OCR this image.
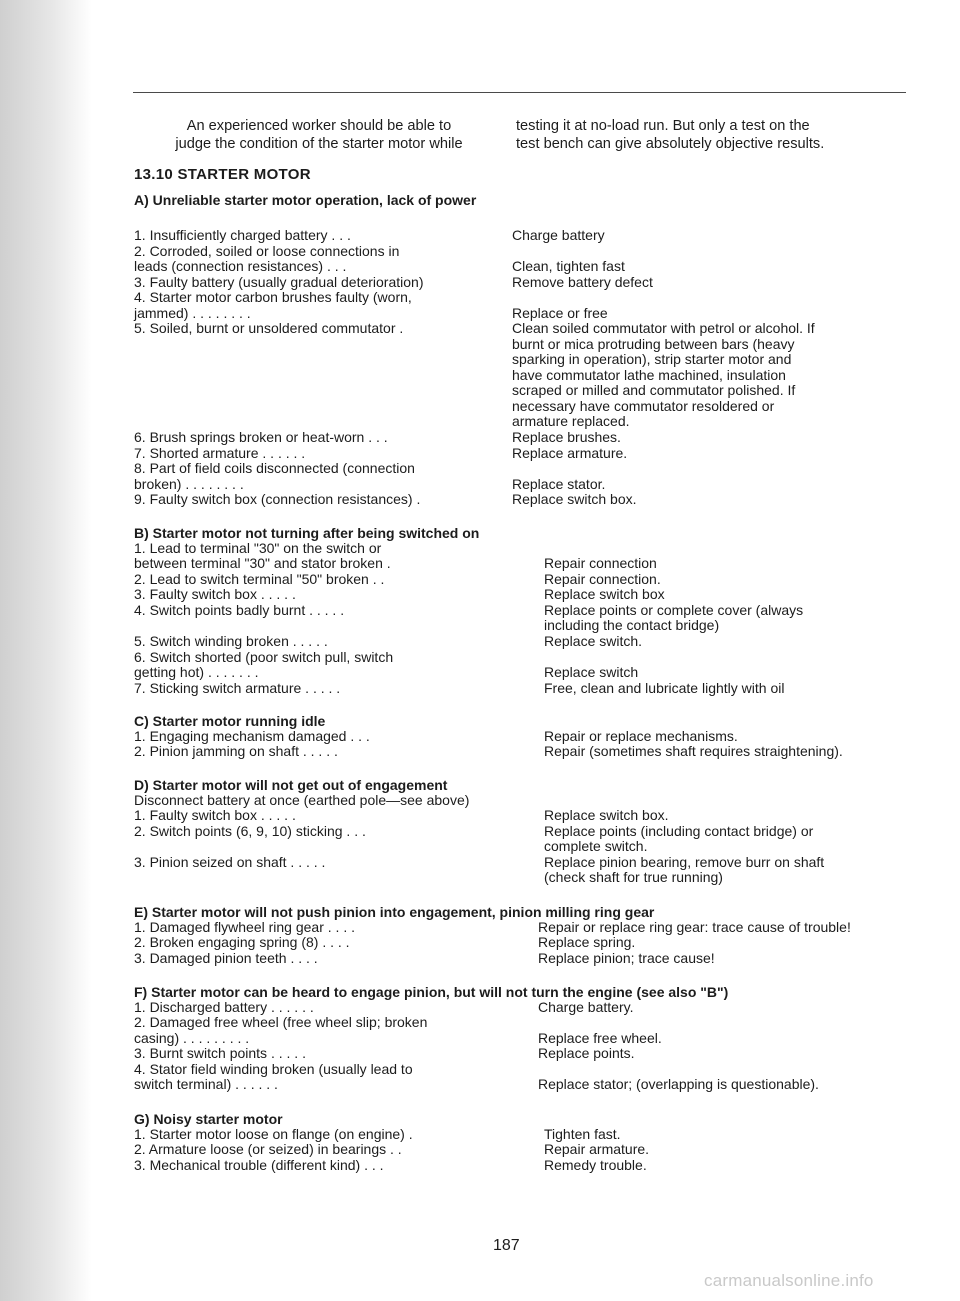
An experienced worker should be able to
judge the condition of the starter motor while
testing it at no-load run. But only a test on the
test bench can give absolutely objective results.
13.10 STARTER MOTOR
A) Unreliable starter motor operation, lack of power
1. Insufficiently charged battery . . .
2. Corroded, soiled or loose connections in
leads (connection resistances) . . .
3. Faulty battery (usually gradual deterioration)
4. Starter motor carbon brushes faulty (worn,
jammed) . . . . . . . .
5. Soiled, burnt or unsoldered commutator .
6. Brush springs broken or heat-worn . . .
7. Shorted armature . . . . . .
8. Part of field coils disconnected (connection
broken) . . . . . . . .
9. Faulty switch box (connection resistances) .
Charge battery
Clean, tighten fast
Remove battery defect
Replace or free
Clean soiled commutator with petrol or alcohol. If
burnt or mica protruding between bars (heavy
sparking in operation), strip starter motor and
have commutator lathe machined, insulation
scraped or milled and commutator polished. If
necessary have commutator resoldered or
armature replaced.
Replace brushes.
Replace armature.
Replace stator.
Replace switch box.
B) Starter motor not turning after being switched on
1. Lead to terminal "30" on the switch or
between terminal "30" and stator broken .
2. Lead to switch terminal "50" broken . .
3. Faulty switch box . . . . .
4. Switch points badly burnt . . . . .
5. Switch winding broken . . . . .
6. Switch shorted (poor switch pull, switch
getting hot) . . . . . . .
7. Sticking switch armature . . . . .
Repair connection
Repair connection.
Replace switch box
Replace points or complete cover (always
including the contact bridge)
Replace switch.
Replace switch
Free, clean and lubricate lightly with oil
C) Starter motor running idle
1. Engaging mechanism damaged . . .
2. Pinion jamming on shaft . . . . .
Repair or replace mechanisms.
Repair (sometimes shaft requires straightening).
D) Starter motor will not get out of engagement
Disconnect battery at once (earthed pole—see above)
1. Faulty switch box . . . . .
2. Switch points (6, 9, 10) sticking . . .
3. Pinion seized on shaft . . . . .
Replace switch box.
Replace points (including contact bridge) or
complete switch.
Replace pinion bearing, remove burr on shaft
(check shaft for true running)
E) Starter motor will not push pinion into engagement, pinion milling ring gear
1. Damaged flywheel ring gear . . . .
2. Broken engaging spring (8) . . . .
3. Damaged pinion teeth . . . .
Repair or replace ring gear: trace cause of trouble!
Replace spring.
Replace pinion; trace cause!
F) Starter motor can be heard to engage pinion, but will not turn the engine (see also "B")
1. Discharged battery . . . . . .
2. Damaged free wheel (free wheel slip; broken
casing) . . . . . . . . .
3. Burnt switch points . . . . .
4. Stator field winding broken (usually lead to
switch terminal) . . . . . .
Charge battery.
Replace free wheel.
Replace points.
Replace stator; (overlapping is questionable).
G) Noisy starter motor
1. Starter motor loose on flange (on engine) .
2. Armature loose (or seized) in bearings . .
3. Mechanical trouble (different kind) . . .
Tighten fast.
Repair armature.
Remedy trouble.
187
carmanualsonline.info
